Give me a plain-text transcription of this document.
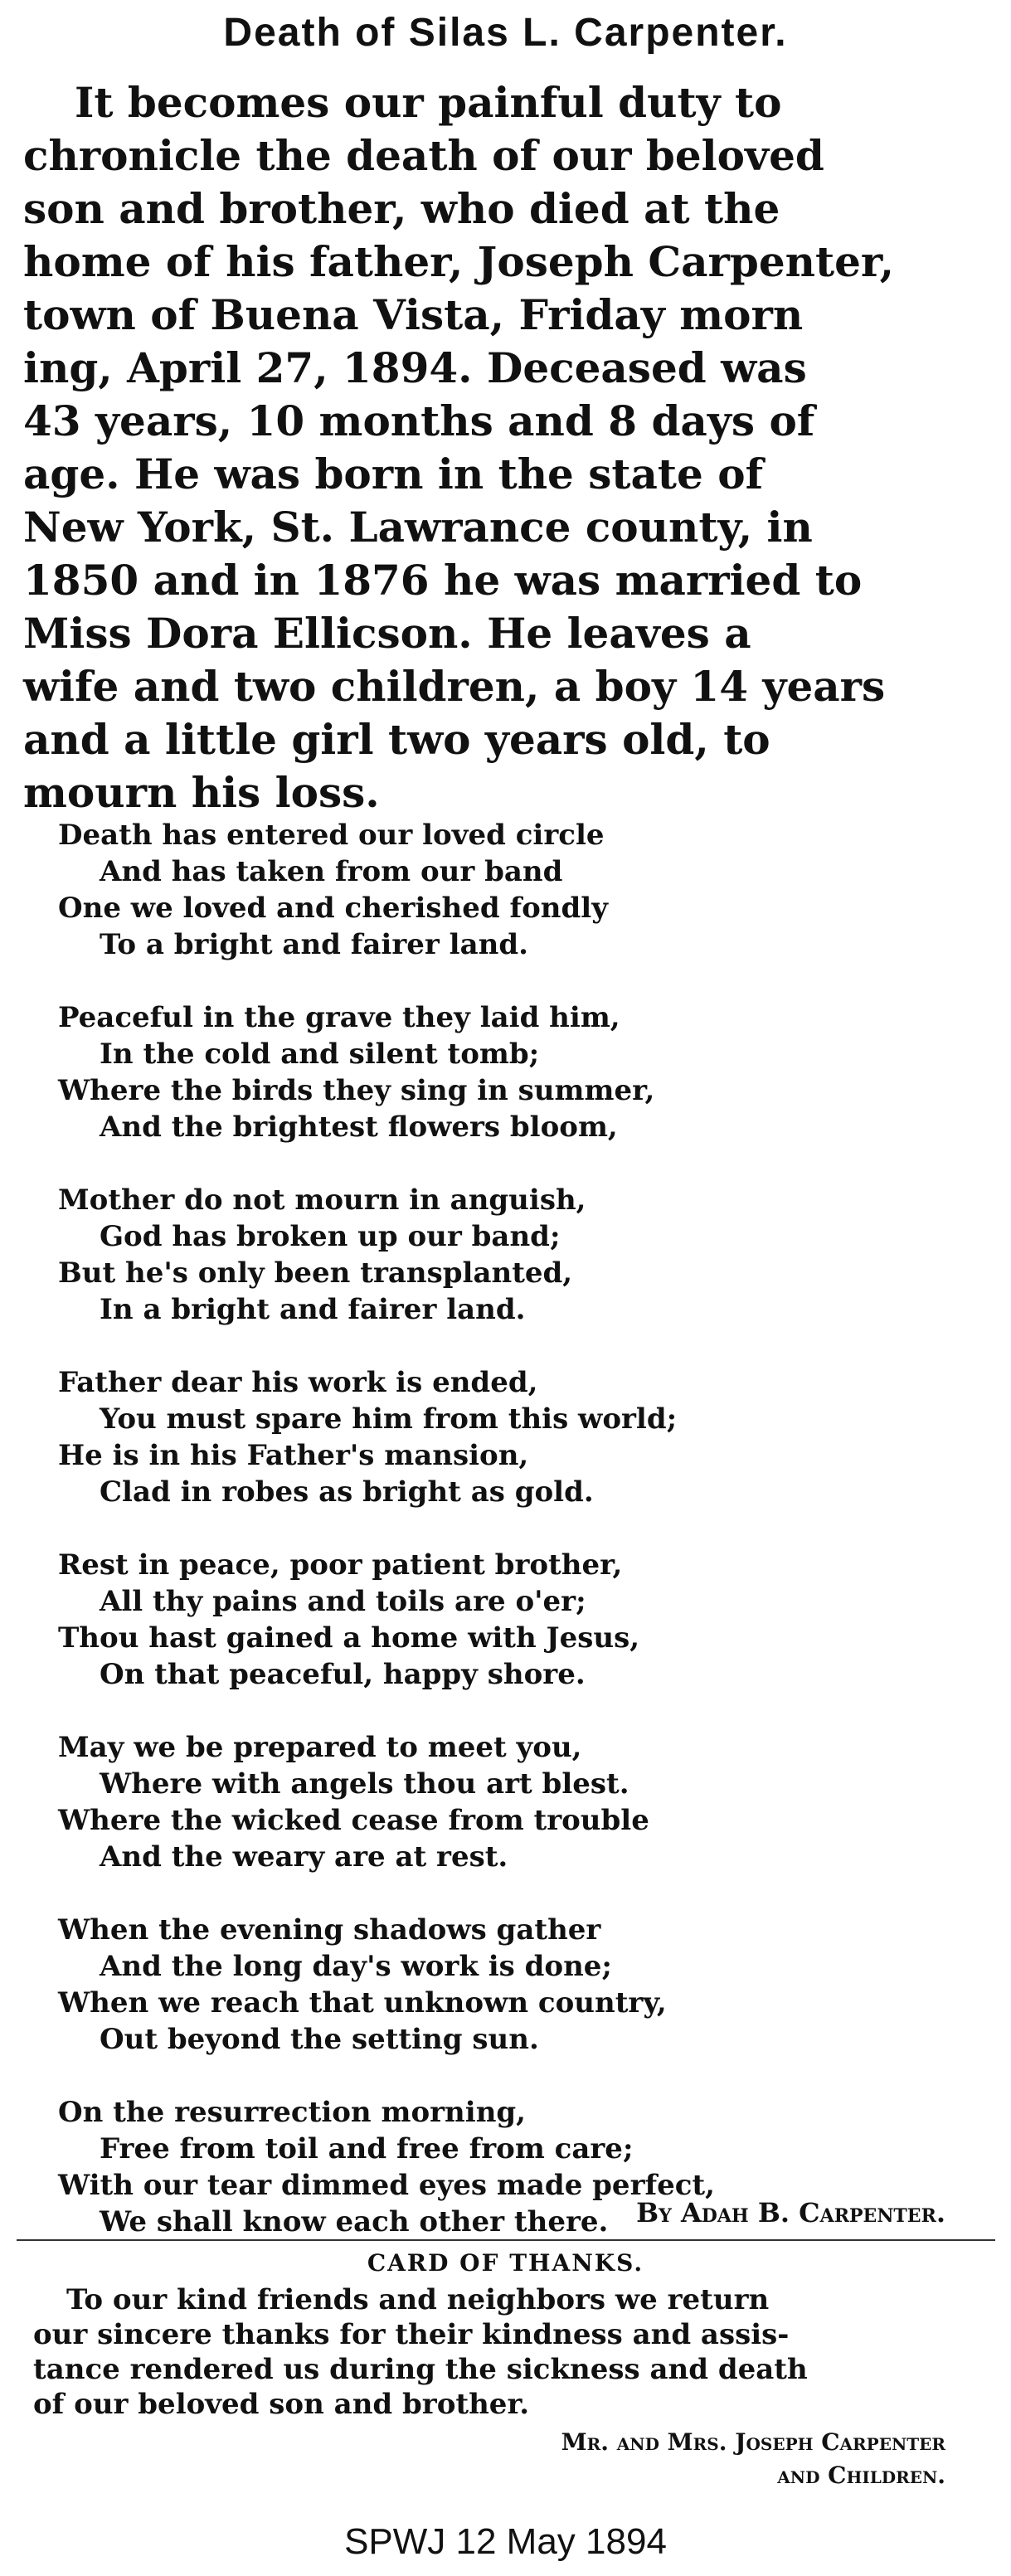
Death of Silas L. Carpenter.
It becomes our painful duty to
chronicle the death of our beloved
son and brother, who died at the
home of his father, Joseph Carpenter,
town of Buena Vista, Friday morn
ing, April 27, 1894. Deceased was
43 years, 10 months and 8 days of
age. He was born in the state of
New York, St. Lawrance county, in
1850 and in 1876 he was married to
Miss Dora Ellicson. He leaves a
wife and two children, a boy 14 years
and a little girl two years old, to
mourn his loss.
Death has entered our loved circle
And has taken from our band
One we loved and cherished fondly
To a bright and fairer land.
Peaceful in the grave they laid him,
In the cold and silent tomb;
Where the birds they sing in summer,
And the brightest flowers bloom,
Mother do not mourn in anguish,
God has broken up our band;
But he's only been transplanted,
In a bright and fairer land.
Father dear his work is ended,
You must spare him from this world;
He is in his Father's mansion,
Clad in robes as bright as gold.
Rest in peace, poor patient brother,
All thy pains and toils are o'er;
Thou hast gained a home with Jesus,
On that peaceful, happy shore.
May we be prepared to meet you,
Where with angels thou art blest.
Where the wicked cease from trouble
And the weary are at rest.
When the evening shadows gather
And the long day's work is done;
When we reach that unknown country,
Out beyond the setting sun.
On the resurrection morning,
Free from toil and free from care;
With our tear dimmed eyes made perfect,
We shall know each other there.	By Adah B. Carpenter.
CARD OF THANKS.
To our kind friends and neighbors we return
our sincere thanks for their kindness and assis-
tance rendered us during the sickness and death
of our beloved son and brother.
Mr. and Mrs. Joseph Carpenter
and Children.
SPWJ 12 May 1894
